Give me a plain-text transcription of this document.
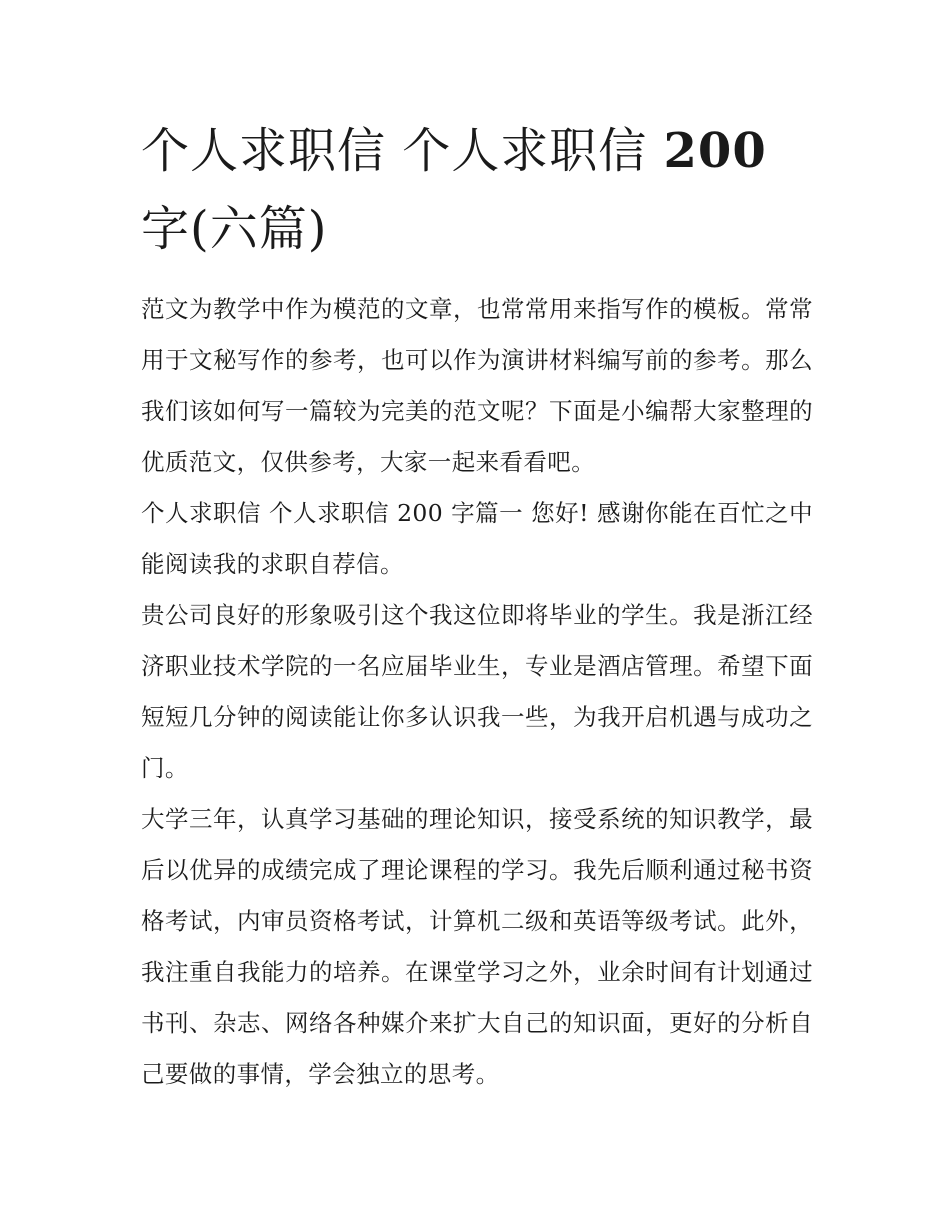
个人求职信 个人求职信 200 字(六篇)

范文为教学中作为模范的文章，也常常用来指写作的模板。常常用于文秘写作的参考，也可以作为演讲材料编写前的参考。那么我们该如何写一篇较为完美的范文呢？下面是小编帮大家整理的优质范文，仅供参考，大家一起来看看吧。

个人求职信 个人求职信 200 字篇一 您好! 感谢你能在百忙之中能阅读我的求职自荐信。

贵公司良好的形象吸引这个我这位即将毕业的学生。我是浙江经济职业技术学院的一名应届毕业生，专业是酒店管理。希望下面短短几分钟的阅读能让你多认识我一些，为我开启机遇与成功之门。

大学三年，认真学习基础的理论知识，接受系统的知识教学，最后以优异的成绩完成了理论课程的学习。我先后顺利通过秘书资格考试，内审员资格考试，计算机二级和英语等级考试。此外，我注重自我能力的培养。在课堂学习之外，业余时间有计划通过书刊、杂志、网络各种媒介来扩大自己的知识面，更好的分析自己要做的事情，学会独立的思考。
